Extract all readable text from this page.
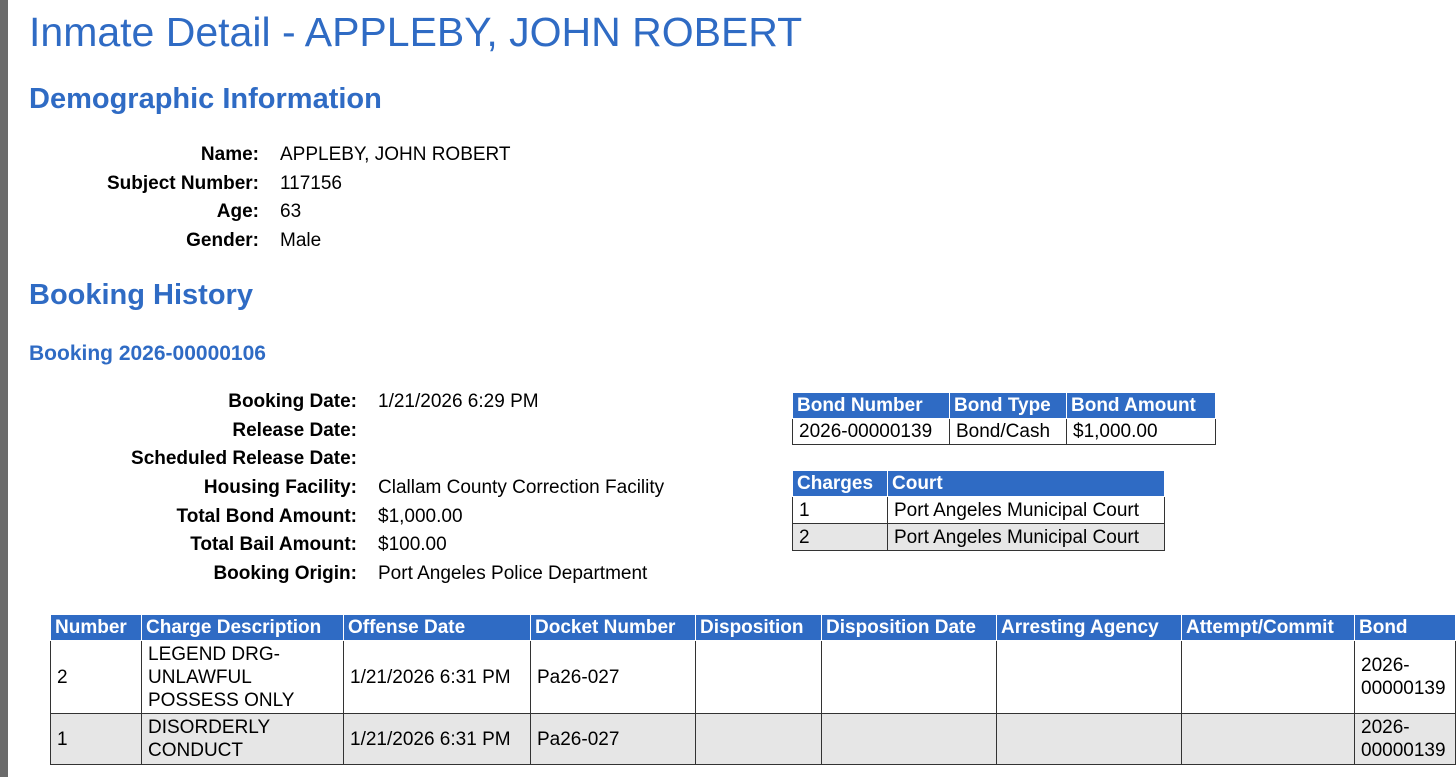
Inmate Detail - APPLEBY, JOHN ROBERT
Demographic Information
Name:	APPLEBY, JOHN ROBERT
Subject Number:	117156
Age:	63
Gender:	Male
Booking History
Booking 2026-00000106
Booking Date:	1/21/2026 6:29 PM
Release Date:
Scheduled Release Date:
Housing Facility:	Clallam County Correction Facility
Total Bond Amount:	$1,000.00
Total Bail Amount:	$100.00
Booking Origin:	Port Angeles Police Department
Bond Number	Bond Type	Bond Amount
2026-00000139	Bond/Cash	$1,000.00
Charges	Court
1	Port Angeles Municipal Court
2	Port Angeles Municipal Court
Number	Charge Description	Offense Date	Docket Number	Disposition	Disposition Date	Arresting Agency	Attempt/Commit	Bond
2	LEGEND DRG-UNLAWFUL POSSESS ONLY	1/21/2026 6:31 PM	Pa26-027					2026-00000139
1	DISORDERLY CONDUCT	1/21/2026 6:31 PM	Pa26-027					2026-00000139
